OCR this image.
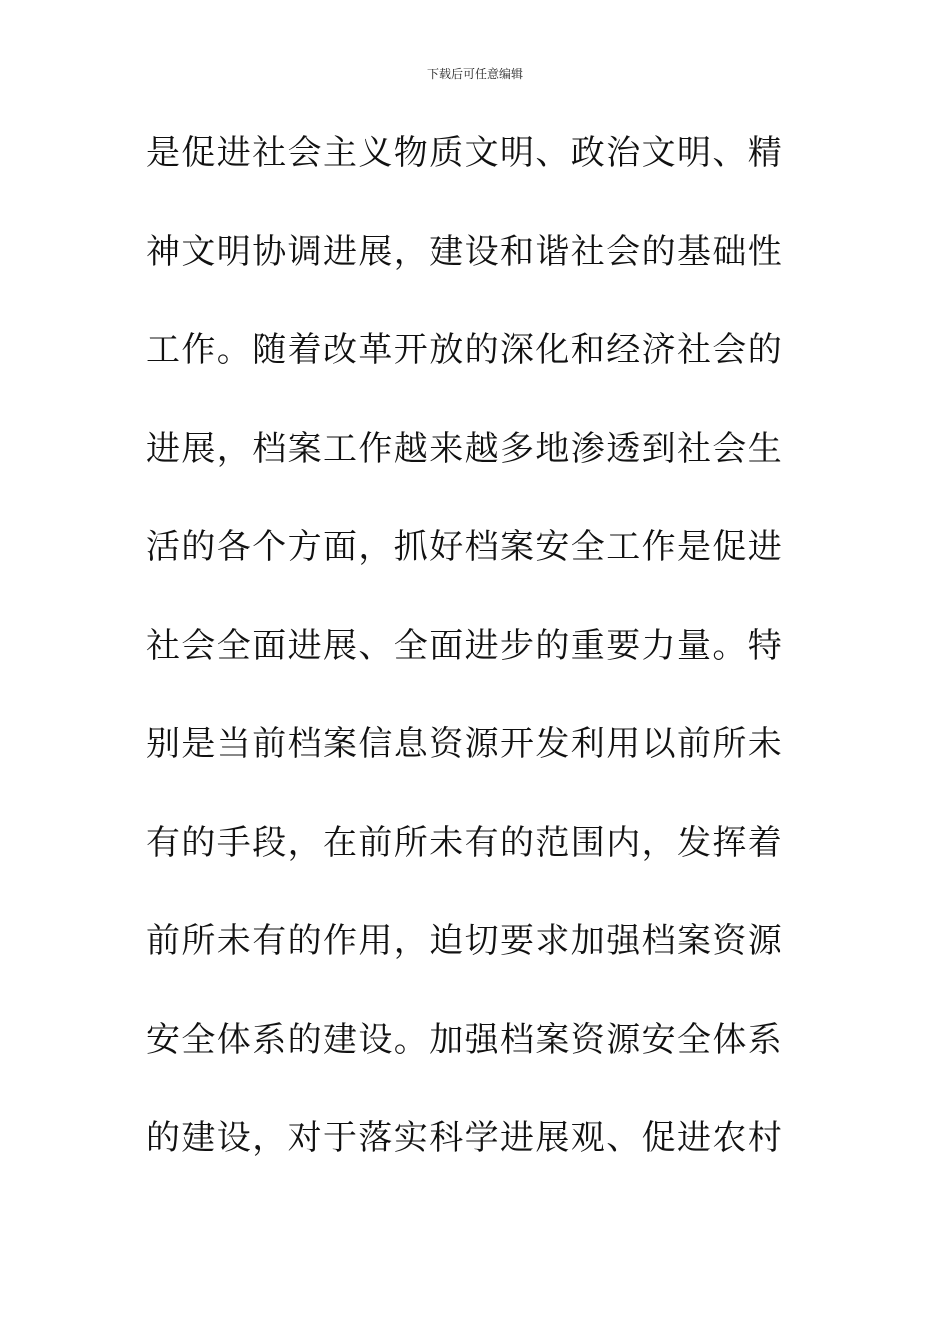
下载后可任意编辑
是促进社会主义物质文明、政治文明、精
神文明协调进展，建设和谐社会的基础性
工作。随着改革开放的深化和经济社会的
进展，档案工作越来越多地渗透到社会生
活的各个方面，抓好档案安全工作是促进
社会全面进展、全面进步的重要力量。特
别是当前档案信息资源开发利用以前所未
有的手段，在前所未有的范围内，发挥着
前所未有的作用，迫切要求加强档案资源
安全体系的建设。加强档案资源安全体系
的建设，对于落实科学进展观、促进农村
